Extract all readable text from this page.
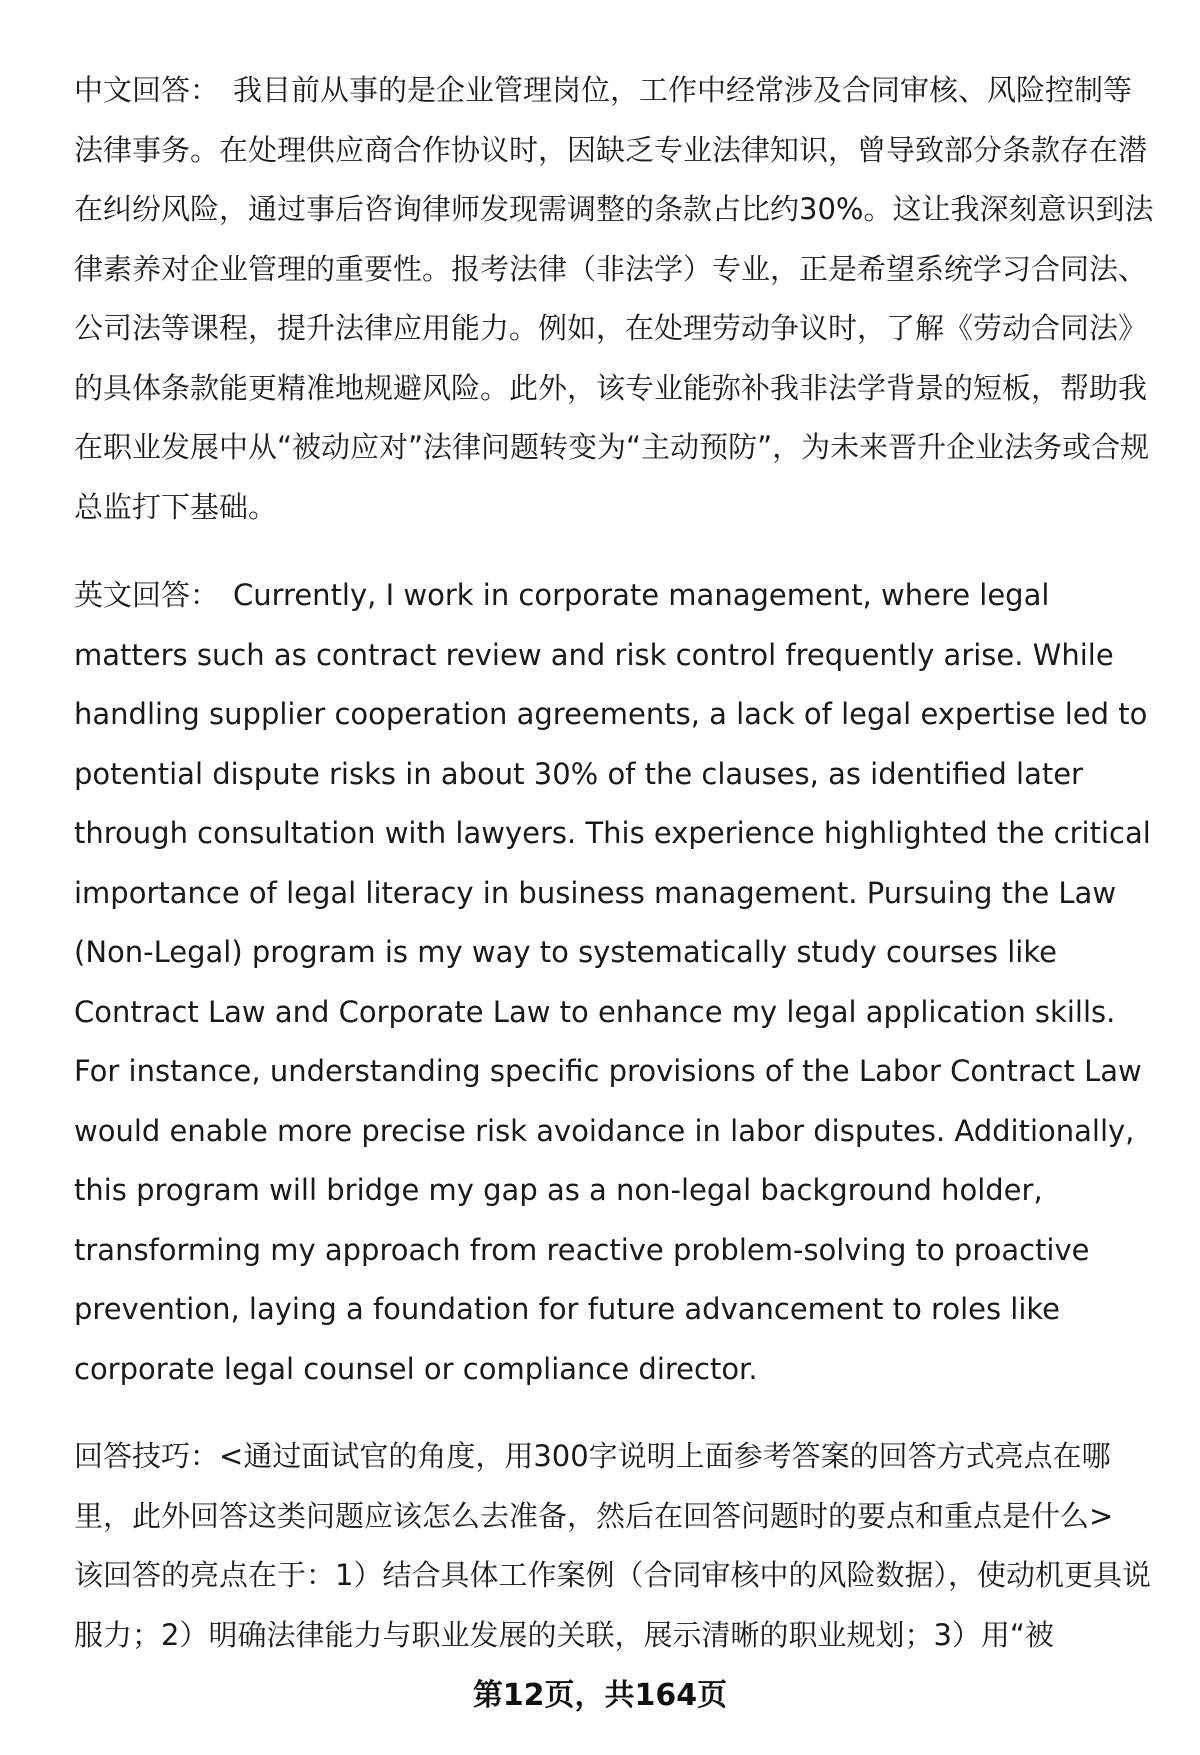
中文回答： 我目前从事的是企业管理岗位，工作中经常涉及合同审核、风险控制等法律事务。在处理供应商合作协议时，因缺乏专业法律知识，曾导致部分条款存在潜在纠纷风险，通过事后咨询律师发现需调整的条款占比约30%。这让我深刻意识到法律素养对企业管理的重要性。报考法律（非法学）专业，正是希望系统学习合同法、公司法等课程，提升法律应用能力。例如，在处理劳动争议时，了解《劳动合同法》的具体条款能更精准地规避风险。此外，该专业能弥补我非法学背景的短板，帮助我在职业发展中从“被动应对”法律问题转变为“主动预防”，为未来晋升企业法务或合规总监打下基础。

英文回答： Currently, I work in corporate management, where legal matters such as contract review and risk control frequently arise. While handling supplier cooperation agreements, a lack of legal expertise led to potential dispute risks in about 30% of the clauses, as identified later through consultation with lawyers. This experience highlighted the critical importance of legal literacy in business management. Pursuing the Law (Non-Legal) program is my way to systematically study courses like Contract Law and Corporate Law to enhance my legal application skills. For instance, understanding specific provisions of the Labor Contract Law would enable more precise risk avoidance in labor disputes. Additionally, this program will bridge my gap as a non-legal background holder, transforming my approach from reactive problem-solving to proactive prevention, laying a foundation for future advancement to roles like corporate legal counsel or compliance director.

回答技巧：<通过面试官的角度，用300字说明上面参考答案的回答方式亮点在哪里，此外回答这类问题应该怎么去准备，然后在回答问题时的要点和重点是什么>
该回答的亮点在于：1）结合具体工作案例（合同审核中的风险数据），使动机更具说服力；2）明确法律能力与职业发展的关联，展示清晰的职业规划；3）用“被

第12页，共164页
